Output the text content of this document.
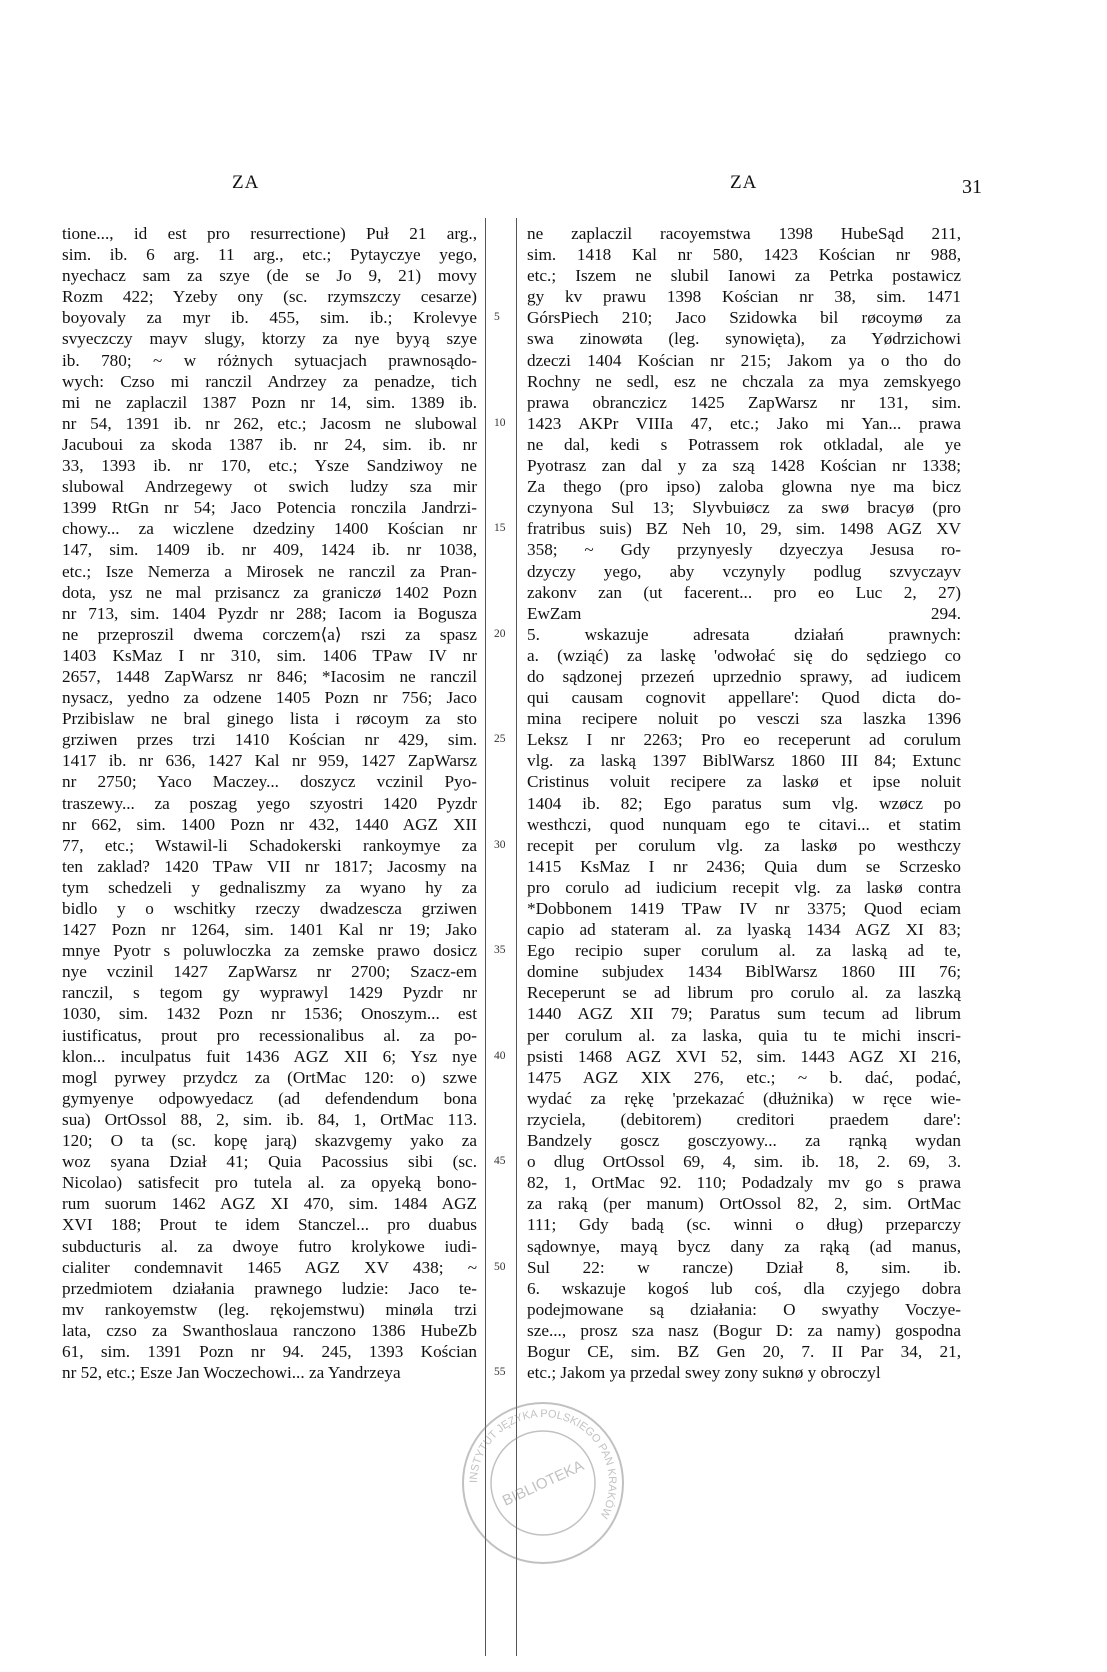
ZA	ZA	31
tione..., id est pro resurrectione) Puł 21 arg.,
sim. ib. 6 arg. 11 arg., etc.; Pytayczye yego,
nyechacz sam za szye (de se Jo 9, 21) movy
Rozm 422; Yzeby ony (sc. rzymszczy cesarze)
boyovaly za myr ib. 455, sim. ib.; Krolevye
svyeczczy mayv slugy, ktorzy za nye byyą szye
ib. 780; ~ w różnych sytuacjach prawnosądo-
wych: Czso mi ranczil Andrzey za penadze, tich
mi ne zaplaczil 1387 Pozn nr 14, sim. 1389 ib.
nr 54, 1391 ib. nr 262, etc.; Jacosm ne slubowal
Jacuboui za skoda 1387 ib. nr 24, sim. ib. nr
33, 1393 ib. nr 170, etc.; Ysze Sandziwoy ne
slubowal Andrzegewy ot swich ludzy sza mir
1399 RtGn nr 54; Jaco Potencia ronczila Jandrzi-
chowy... za wiczlene dzedziny 1400 Kościan nr
147, sim. 1409 ib. nr 409, 1424 ib. nr 1038,
etc.; Isze Nemerza a Mirosek ne ranczil za Pran-
dota, ysz ne mal przisancz za graniczø 1402 Pozn
nr 713, sim. 1404 Pyzdr nr 288; Iacom ia Bogusza
ne przeproszil dwema corczem⟨a⟩ rszi za spasz
1403 KsMaz I nr 310, sim. 1406 TPaw IV nr
2657, 1448 ZapWarsz nr 846; *Iacosim ne ranczil
nysacz, yedno za odzene 1405 Pozn nr 756; Jaco
Przibislaw ne bral ginego lista i røcoym za sto
grziwen przes trzi 1410 Kościan nr 429, sim.
1417 ib. nr 636, 1427 Kal nr 959, 1427 ZapWarsz
nr 2750; Yaco Maczey... doszycz vczinil Pyo-
traszewy... za poszag yego szyostri 1420 Pyzdr
nr 662, sim. 1400 Pozn nr 432, 1440 AGZ XII
77, etc.; Wstawil-li Schadokerski rankoymye za
ten zaklad? 1420 TPaw VII nr 1817; Jacosmy na
tym schedzeli y gednaliszmy za wyano hy za
bidlo y o wschitky rzeczy dwadzescza grziwen
1427 Pozn nr 1264, sim. 1401 Kal nr 19; Jako
mnye Pyotr s poluwloczka za zemske prawo dosicz
nye vczinil 1427 ZapWarsz nr 2700; Szacz-em
ranczil, s tegom gy wyprawyl 1429 Pyzdr nr
1030, sim. 1432 Pozn nr 1536; Onoszym... est
iustificatus, prout pro recessionalibus al. za po-
klon... inculpatus fuit 1436 AGZ XII 6; Ysz nye
mogl pyrwey przydcz za (OrtMac 120: o) szwe
gymyenye odpowyedacz (ad defendendum bona
sua) OrtOssol 88, 2, sim. ib. 84, 1, OrtMac 113.
120; O ta (sc. kopę jarą) skazvgemy yako za
woz syana Dział 41; Quia Pacossius sibi (sc.
Nicolao) satisfecit pro tutela al. za opyeką bono-
rum suorum 1462 AGZ XI 470, sim. 1484 AGZ
XVI 188; Prout te idem Stanczel... pro duabus
subducturis al. za dwoye futro krolykowe iudi-
cialiter condemnavit 1465 AGZ XV 438; ~
przedmiotem działania prawnego ludzie: Jaco te-
mv rankoyemstw (leg. rękojemstwu) minøla trzi
lata, czso za Swanthoslaua ranczono 1386 HubeZb
61, sim. 1391 Pozn nr 94. 245, 1393 Kościan
nr 52, etc.; Esze Jan Woczechowi... za Yandrzeya
5
10
15
20
25
30
35
40
45
50
55
ne zaplaczil racoyemstwa 1398 HubeSąd 211,
sim. 1418 Kal nr 580, 1423 Kościan nr 988,
etc.; Iszem ne slubil Ianowi za Petrka postawicz
gy kv prawu 1398 Kościan nr 38, sim. 1471
GórsPiech 210; Jaco Szidowka bil røcoymø za
swa zinowøta (leg. synowięta), za Yødrzichowi
dzeczi 1404 Kościan nr 215; Jakom ya o tho do
Rochny ne sedl, esz ne chczala za mya zemskyego
prawa obranczicz 1425 ZapWarsz nr 131, sim.
1423 AKPr VIIIa 47, etc.; Jako mi Yan... prawa
ne dal, kedi s Potrassem rok otkladal, ale ye
Pyotrasz zan dal y za szą 1428 Kościan nr 1338;
Za thego (pro ipso) zaloba glowna nye ma bicz
czynyona Sul 13; Slyvbuiøcz za swø bracyø (pro
fratribus suis) BZ Neh 10, 29, sim. 1498 AGZ XV
358; ~ Gdy przynyesly dzyeczya Jesusa ro-
dzyczy yego, aby vczynyly podlug szvyczayv
zakonv zan (ut facerent... pro eo Luc 2, 27)
EwZam 294.
5. wskazuje adresata działań prawnych:
a. (wziąć) za laskę 'odwołać się do sędziego co
do sądzonej przezeń uprzednio sprawy, ad iudicem
qui causam cognovit appellare': Quod dicta do-
mina recipere noluit po vesczi sza laszka 1396
Leksz I nr 2263; Pro eo receperunt ad corulum
vlg. za laską 1397 BiblWarsz 1860 III 84; Extunc
Cristinus voluit recipere za laskø et ipse noluit
1404 ib. 82; Ego paratus sum vlg. wzøcz po
westhczi, quod nunquam ego te citavi... et statim
recepit per corulum vlg. za laskø po westhczy
1415 KsMaz I nr 2436; Quia dum se Scrzesko
pro corulo ad iudicium recepit vlg. za laskø contra
*Dobbonem 1419 TPaw IV nr 3375; Quod eciam
capio ad stateram al. za lyaską 1434 AGZ XI 83;
Ego recipio super corulum al. za laską ad te,
domine subjudex 1434 BiblWarsz 1860 III 76;
Receperunt se ad librum pro corulo al. za laszką
1440 AGZ XII 79; Paratus sum tecum ad librum
per corulum al. za laska, quia tu te michi inscri-
psisti 1468 AGZ XVI 52, sim. 1443 AGZ XI 216,
1475 AGZ XIX 276, etc.; ~ b. dać, podać,
wydać za rękę 'przekazać (dłużnika) w ręce wie-
rzyciela, (debitorem) creditori praedem dare':
Bandzely goscz gosczyowy... za rąnką wydan
o dlug OrtOssol 69, 4, sim. ib. 18, 2. 69, 3.
82, 1, OrtMac 92. 110; Podadzaly mv go s prawa
za raką (per manum) OrtOssol 82, 2, sim. OrtMac
111; Gdy badą (sc. winni o dług) przeparczy
sądownye, mayą bycz dany za rąką (ad manus,
Sul 22: w rancze) Dział 8, sim. ib.
6. wskazuje kogoś lub coś, dla czyjego dobra
podejmowane są działania: O swyathy Voczye-
sze..., prosz sza nasz (Bogur D: za namy) gospodna
Bogur CE, sim. BZ Gen 20, 7. II Par 34, 21,
etc.; Jakom ya przedal swey zony suknø y obroczyl
INSTYTUT JĘZYKA POLSKIEGO PAN KRAKÓW
BIBLIOTEKA
